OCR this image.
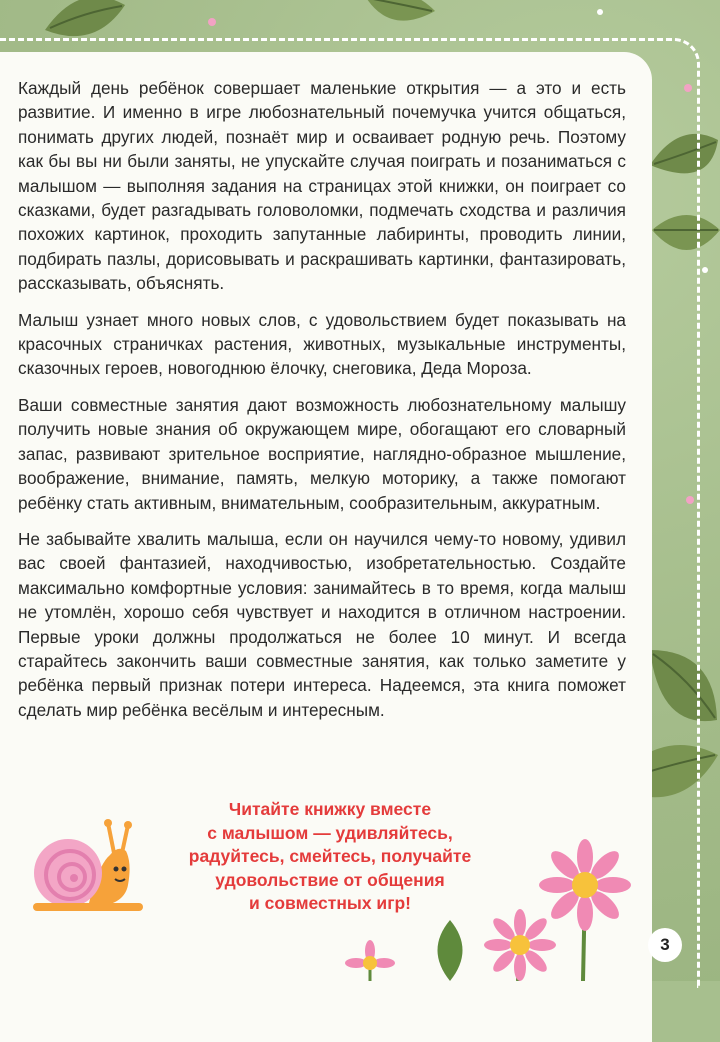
Каждый день ребёнок совершает маленькие открытия — а это и есть развитие. И именно в игре любознательный почемучка учится общаться, понимать других людей, познаёт мир и осваивает родную речь. Поэтому как бы вы ни были заняты, не упускайте случая поиграть и позаниматься с малышом — выполняя задания на страницах этой книжки, он поиграет со сказками, будет разгадывать головоломки, подмечать сходства и различия похожих картинок, проходить запутанные лабиринты, проводить линии, подбирать пазлы, дорисовывать и раскрашивать картинки, фантазировать, рассказывать, объяснять.

Малыш узнает много новых слов, с удовольствием будет показывать на красочных страничках растения, животных, музыкальные инструменты, сказочных героев, новогоднюю ёлочку, снеговика, Деда Мороза.

Ваши совместные занятия дают возможность любознательному малышу получить новые знания об окружающем мире, обогащают его словарный запас, развивают зрительное восприятие, наглядно-образное мышление, воображение, внимание, память, мелкую моторику, а также помогают ребёнку стать активным, внимательным, сообразительным, аккуратным.

Не забывайте хвалить малыша, если он научился чему-то новому, удивил вас своей фантазией, находчивостью, изобретательностью. Создайте максимально комфортные условия: занимайтесь в то время, когда малыш не утомлён, хорошо себя чувствует и находится в отличном настроении. Первые уроки должны продолжаться не более 10 минут. И всегда старайтесь закончить ваши совместные занятия, как только заметите у ребёнка первый признак потери интереса. Надеемся, эта книга поможет сделать мир ребёнка весёлым и интересным.

Читайте книжку вместе
с малышом — удивляйтесь,
радуйтесь, смейтесь, получайте
удовольствие от общения
и совместных игр!
3
